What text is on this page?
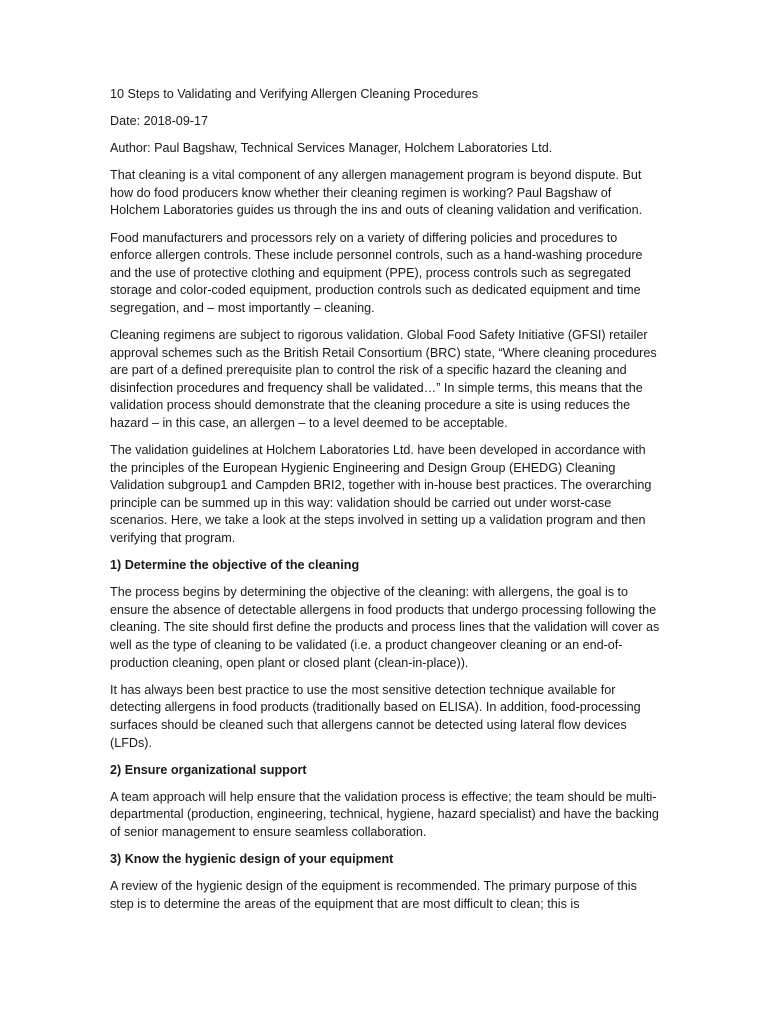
10 Steps to Validating and Verifying Allergen Cleaning Procedures

Date: 2018-09-17

Author: Paul Bagshaw, Technical Services Manager, Holchem Laboratories Ltd.

That cleaning is a vital component of any allergen management program is beyond dispute. But how do food producers know whether their cleaning regimen is working? Paul Bagshaw of Holchem Laboratories guides us through the ins and outs of cleaning validation and verification.

Food manufacturers and processors rely on a variety of differing policies and procedures to enforce allergen controls. These include personnel controls, such as a hand-washing procedure and the use of protective clothing and equipment (PPE), process controls such as segregated storage and color-coded equipment, production controls such as dedicated equipment and time segregation, and – most importantly – cleaning.

Cleaning regimens are subject to rigorous validation. Global Food Safety Initiative (GFSI) retailer approval schemes such as the British Retail Consortium (BRC) state, “Where cleaning procedures are part of a defined prerequisite plan to control the risk of a specific hazard the cleaning and disinfection procedures and frequency shall be validated…” In simple terms, this means that the validation process should demonstrate that the cleaning procedure a site is using reduces the hazard – in this case, an allergen – to a level deemed to be acceptable.

The validation guidelines at Holchem Laboratories Ltd. have been developed in accordance with the principles of the European Hygienic Engineering and Design Group (EHEDG) Cleaning Validation subgroup1 and Campden BRI2, together with in-house best practices. The overarching principle can be summed up in this way: validation should be carried out under worst-case scenarios. Here, we take a look at the steps involved in setting up a validation program and then verifying that program.

1) Determine the objective of the cleaning

The process begins by determining the objective of the cleaning: with allergens, the goal is to ensure the absence of detectable allergens in food products that undergo processing following the cleaning. The site should first define the products and process lines that the validation will cover as well as the type of cleaning to be validated (i.e. a product changeover cleaning or an end-of-production cleaning, open plant or closed plant (clean-in-place)).

It has always been best practice to use the most sensitive detection technique available for detecting allergens in food products (traditionally based on ELISA). In addition, food-processing surfaces should be cleaned such that allergens cannot be detected using lateral flow devices (LFDs).

2) Ensure organizational support

A team approach will help ensure that the validation process is effective; the team should be multi-departmental (production, engineering, technical, hygiene, hazard specialist) and have the backing of senior management to ensure seamless collaboration.

3) Know the hygienic design of your equipment

A review of the hygienic design of the equipment is recommended. The primary purpose of this step is to determine the areas of the equipment that are most difficult to clean; this is
